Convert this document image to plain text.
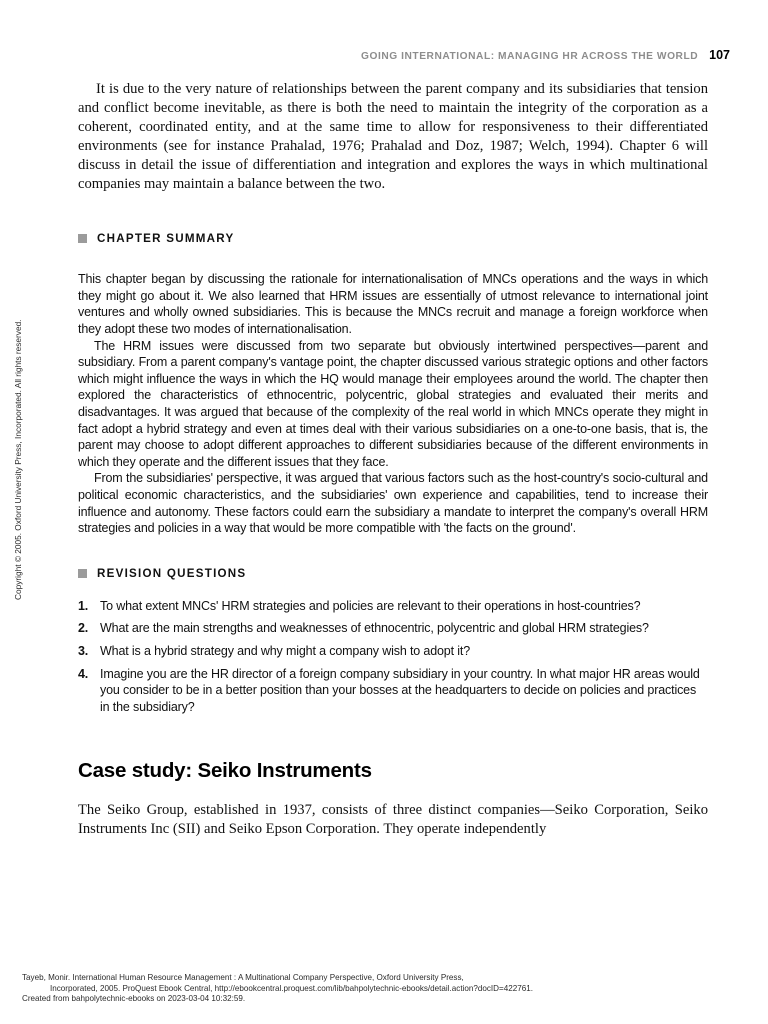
GOING INTERNATIONAL: MANAGING HR ACROSS THE WORLD 107

It is due to the very nature of relationships between the parent company and its subsidiaries that tension and conflict become inevitable, as there is both the need to maintain the integrity of the corporation as a coherent, coordinated entity, and at the same time to allow for responsiveness to their differentiated environments (see for instance Prahalad, 1976; Prahalad and Doz, 1987; Welch, 1994). Chapter 6 will discuss in detail the issue of differentiation and integration and explores the ways in which multinational companies may maintain a balance between the two.

CHAPTER SUMMARY

This chapter began by discussing the rationale for internationalisation of MNCs operations and the ways in which they might go about it. We also learned that HRM issues are essentially of utmost relevance to international joint ventures and wholly owned subsidiaries. This is because the MNCs recruit and manage a foreign workforce when they adopt these two modes of internationalisation.

The HRM issues were discussed from two separate but obviously intertwined perspectives—parent and subsidiary. From a parent company's vantage point, the chapter discussed various strategic options and other factors which might influence the ways in which the HQ would manage their employees around the world. The chapter then explored the characteristics of ethnocentric, polycentric, global strategies and evaluated their merits and disadvantages. It was argued that because of the complexity of the real world in which MNCs operate they might in fact adopt a hybrid strategy and even at times deal with their various subsidiaries on a one-to-one basis, that is, the parent may choose to adopt different approaches to different subsidiaries because of the different environments in which they operate and the different issues that they face.

From the subsidiaries' perspective, it was argued that various factors such as the host-country's socio-cultural and political economic characteristics, and the subsidiaries' own experience and capabilities, tend to increase their influence and autonomy. These factors could earn the subsidiary a mandate to interpret the company's overall HRM strategies and policies in a way that would be more compatible with 'the facts on the ground'.

REVISION QUESTIONS
1. To what extent MNCs' HRM strategies and policies are relevant to their operations in host-countries?
2. What are the main strengths and weaknesses of ethnocentric, polycentric and global HRM strategies?
3. What is a hybrid strategy and why might a company wish to adopt it?
4. Imagine you are the HR director of a foreign company subsidiary in your country. In what major HR areas would you consider to be in a better position than your bosses at the headquarters to decide on policies and practices in the subsidiary?
Case study: Seiko Instruments

The Seiko Group, established in 1937, consists of three distinct companies—Seiko Corporation, Seiko Instruments Inc (SII) and Seiko Epson Corporation. They operate independently

Copyright © 2005. Oxford University Press, Incorporated. All rights reserved.
Tayeb, Monir. International Human Resource Management : A Multinational Company Perspective, Oxford University Press,
Incorporated, 2005. ProQuest Ebook Central, http://ebookcentral.proquest.com/lib/bahpolytechnic-ebooks/detail.action?docID=422761.
Created from bahpolytechnic-ebooks on 2023-03-04 10:32:59.
